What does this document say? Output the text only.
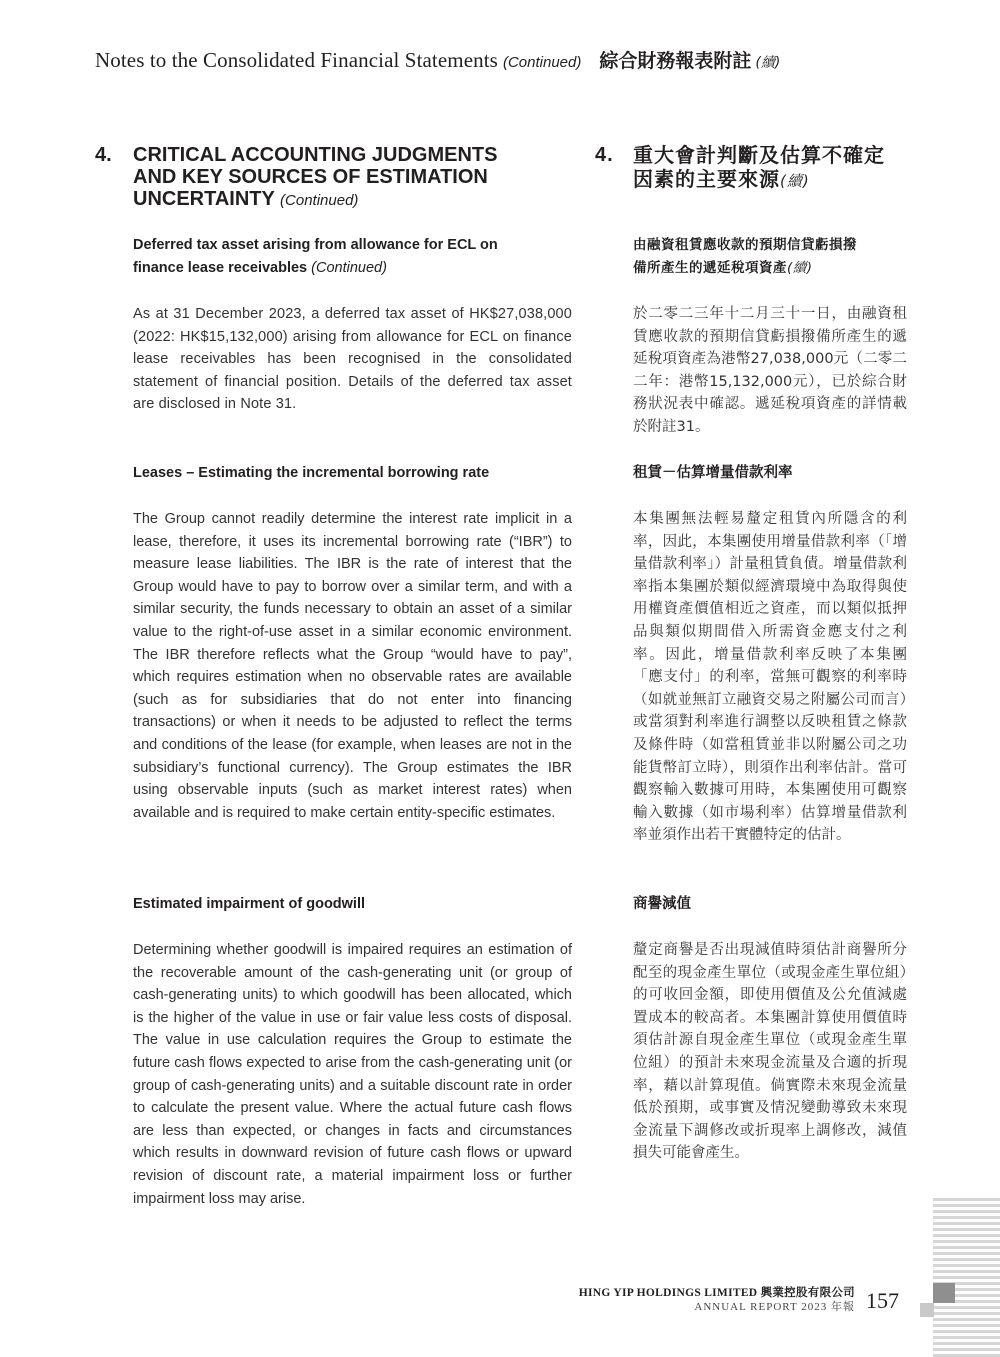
Notes to the Consolidated Financial Statements (Continued) 綜合財務報表附註 (續)
4.	CRITICAL ACCOUNTING JUDGMENTS
AND KEY SOURCES OF ESTIMATION
UNCERTAINTY (Continued)
4. 重大會計判斷及估算不確定
因素的主要來源(續)
Deferred tax asset arising from allowance for ECL on
finance lease receivables (Continued)
As at 31 December 2023, a deferred tax asset of HK$27,038,000 (2022: HK$15,132,000) arising from allowance for ECL on finance lease receivables has been recognised in the consolidated statement of financial position. Details of the deferred tax asset are disclosed in Note 31.
由融資租賃應收款的預期信貸虧損撥
備所產生的遞延稅項資產(續)
於二零二三年十二月三十一日，由融資租賃應收款的預期信貸虧損撥備所產生的遞延稅項資產為港幣27,038,000元（二零二二年：港幣15,132,000元），已於綜合財務狀況表中確認。遞延稅項資產的詳情載於附註31。
Leases – Estimating the incremental borrowing rate
The Group cannot readily determine the interest rate implicit in a lease, therefore, it uses its incremental borrowing rate (“IBR”) to measure lease liabilities. The IBR is the rate of interest that the Group would have to pay to borrow over a similar term, and with a similar security, the funds necessary to obtain an asset of a similar value to the right-of-use asset in a similar economic environment. The IBR therefore reflects what the Group “would have to pay”, which requires estimation when no observable rates are available (such as for subsidiaries that do not enter into financing transactions) or when it needs to be adjusted to reflect the terms and conditions of the lease (for example, when leases are not in the subsidiary’s functional currency). The Group estimates the IBR using observable inputs (such as market interest rates) when available and is required to make certain entity-specific estimates.
租賃－估算增量借款利率
本集團無法輕易釐定租賃內所隱含的利率，因此，本集團使用增量借款利率（「增量借款利率」）計量租賃負債。增量借款利率指本集團於類似經濟環境中為取得與使用權資產價值相近之資產，而以類似抵押品與類似期間借入所需資金應支付之利率。因此，增量借款利率反映了本集團「應支付」的利率，當無可觀察的利率時（如就並無訂立融資交易之附屬公司而言）或當須對利率進行調整以反映租賃之條款及條件時（如當租賃並非以附屬公司之功能貨幣訂立時），則須作出利率估計。當可觀察輸入數據可用時，本集團使用可觀察輸入數據（如市場利率）估算增量借款利率並須作出若干實體特定的估計。
Estimated impairment of goodwill
Determining whether goodwill is impaired requires an estimation of the recoverable amount of the cash-generating unit (or group of cash-generating units) to which goodwill has been allocated, which is the higher of the value in use or fair value less costs of disposal. The value in use calculation requires the Group to estimate the future cash flows expected to arise from the cash-generating unit (or group of cash-generating units) and a suitable discount rate in order to calculate the present value. Where the actual future cash flows are less than expected, or changes in facts and circumstances which results in downward revision of future cash flows or upward revision of discount rate, a material impairment loss or further impairment loss may arise.
商譽減值
釐定商譽是否出現減值時須估計商譽所分配至的現金產生單位（或現金產生單位組）的可收回金額，即使用價值及公允值減處置成本的較高者。本集團計算使用價值時須估計源自現金產生單位（或現金產生單位組）的預計未來現金流量及合適的折現率，藉以計算現值。倘實際未來現金流量低於預期，或事實及情況變動導致未來現金流量下調修改或折現率上調修改，減值損失可能會產生。
HING YIP HOLDINGS LIMITED 興業控股有限公司
ANNUAL REPORT 2023 年報 157
